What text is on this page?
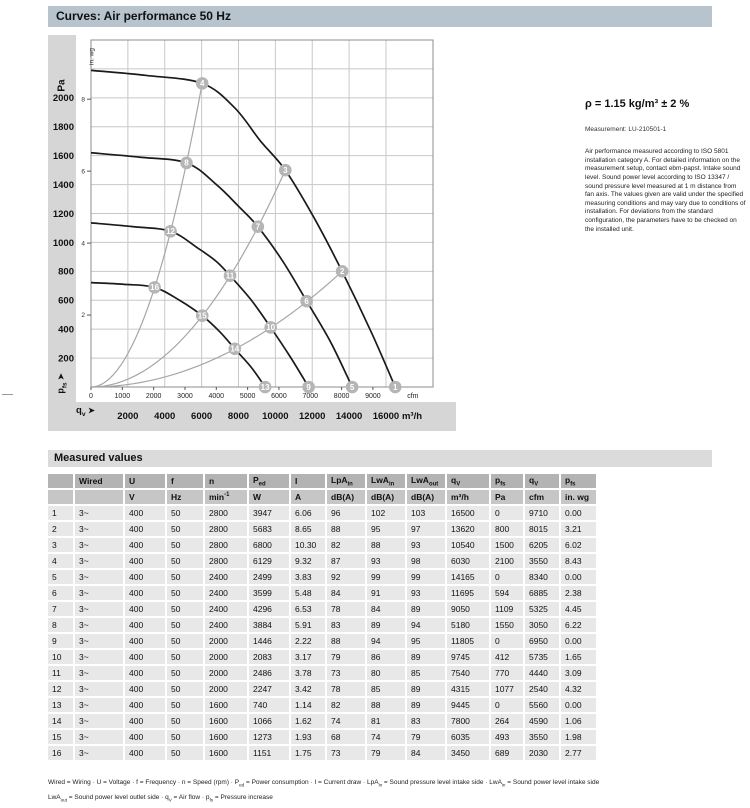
Curves: Air performance 50 Hz
200
400
600
800
1000
1200
1400
1600
1800
2000
2
4
6
8
0	1000 2000 3000 4000 5000 6000 7000 8000 9000	cfm
2000 4000 6000 8000 10000 12000 14000 16000 m³/h
1
2
3
4
5
6
7
8
9
10
11
12
13
14
15
16
Pa
in. wg
$p_{fs}$ ➤
$q_v$ ➤

ρ = 1.15 kg/m³ ± 2 %

Measurement: LU-210501-1

Air performance measured according to ISO 5801 installation category A. For detailed information on the measurement setup, contact ebm-papst. Intake sound level. Sound power level according to ISO 13347 / sound pressure level measured at 1 m distance from fan axis. The values given are valid under the specified measuring conditions and may vary due to conditions of installation. For deviations from the standard configuration, the parameters have to be checked on the installed unit.

Measured values
	Wired	U	f	n	$P_{ed}$	I	LpA$_{in}$	LwA$_{in}$	LwA$_{out}$	$q_V$	$p_{fs}$	$q_V$	$p_{fs}$
		V	Hz	$\min^{-1}$	W	A	dB(A)	dB(A)	dB(A)	m³/h	Pa	cfm	in. wg
1	3~	400	50	2800	3947	6.06	96	102	103	16500	0	9710	0.00
2	3~	400	50	2800	5683	8.65	88	95	97	13620	800	8015	3.21
3	3~	400	50	2800	6800	10.30	82	88	93	10540	1500	6205	6.02
4	3~	400	50	2800	6129	9.32	87	93	98	6030	2100	3550	8.43
5	3~	400	50	2400	2499	3.83	92	99	99	14165	0	8340	0.00
6	3~	400	50	2400	3599	5.48	84	91	93	11695	594	6885	2.38
7	3~	400	50	2400	4296	6.53	78	84	89	9050	1109	5325	4.45
8	3~	400	50	2400	3884	5.91	83	89	94	5180	1550	3050	6.22
9	3~	400	50	2000	1446	2.22	88	94	95	11805	0	6950	0.00
10	3~	400	50	2000	2083	3.17	79	86	89	9745	412	5735	1.65
11	3~	400	50	2000	2486	3.78	73	80	85	7540	770	4440	3.09
12	3~	400	50	2000	2247	3.42	78	85	89	4315	1077	2540	4.32
13	3~	400	50	1600	740	1.14	82	88	89	9445	0	5560	0.00
14	3~	400	50	1600	1066	1.62	74	81	83	7800	264	4590	1.06
15	3~	400	50	1600	1273	1.93	68	74	79	6035	493	3550	1.98
16	3~	400	50	1600	1151	1.75	73	79	84	3450	689	2030	2.77
Wired = Wiring · U = Voltage · f = Frequency · n = Speed $(rpm) \cdot P_{ed}$ = Power consumption · I = Current draw · LpA$_{in}$ = Sound pressure level intake side · LwA$_{in}$ = Sound power level intake side
LwA$_{out}$ = Sound power level outlet side · $q_V$ = Air flow · $p_{fs}$ = Pressure increase
